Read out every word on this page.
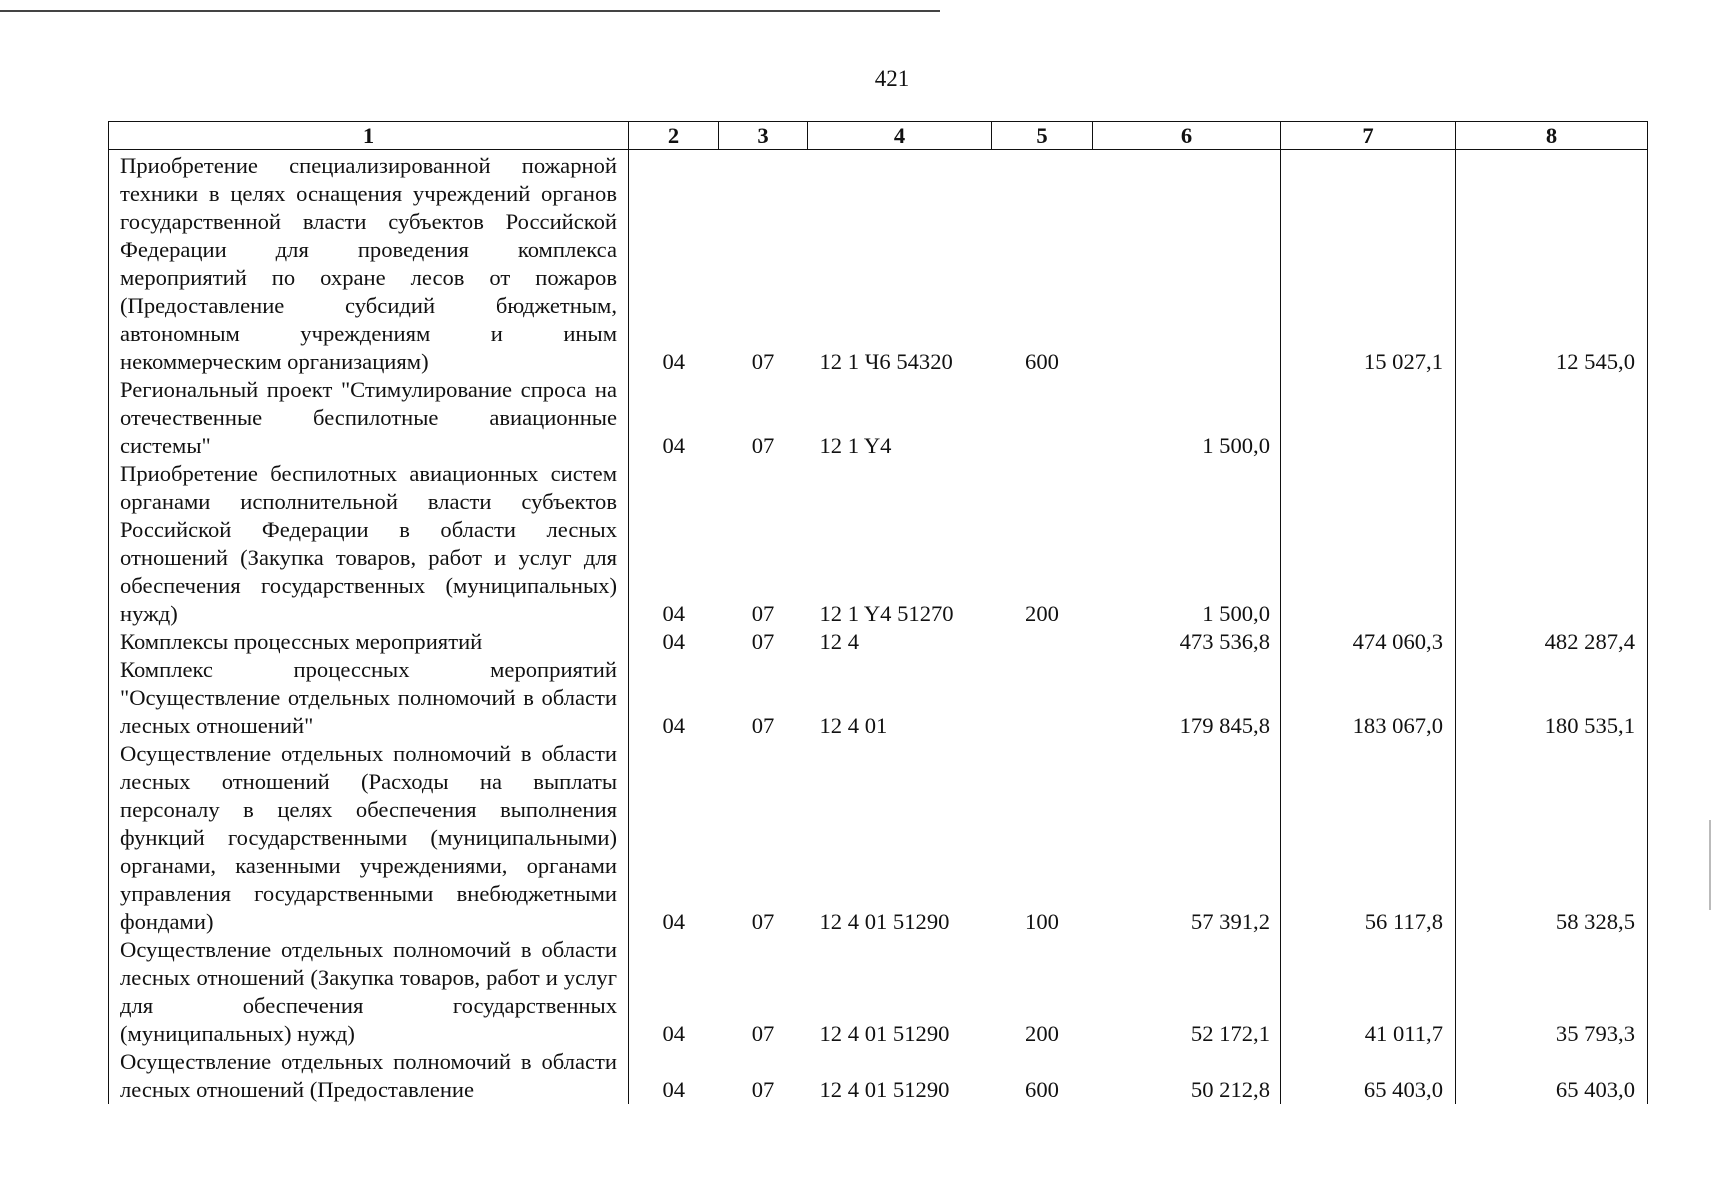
421
1	2	3	4	5	6	7	8
Приобретение специализированной пожарной техники в целях оснащения учреждений органов государственной власти субъектов Российской Федерации для проведения комплекса мероприятий по охране лесов от пожаров (Предоставление субсидий бюджетным, автономным учреждениям и иным некоммерческим организациям)	04	07	12 1 Ч6 54320	600		15 027,1	12 545,0
Региональный проект "Стимулирование спроса на отечественные беспилотные авиационные системы"	04	07	12 1 Y4		1 500,0		
Приобретение беспилотных авиационных систем органами исполнительной власти субъектов Российской Федерации в области лесных отношений (Закупка товаров, работ и услуг для обеспечения государственных (муниципальных) нужд)	04	07	12 1 Y4 51270	200	1 500,0		
Комплексы процессных мероприятий	04	07	12 4		473 536,8	474 060,3	482 287,4
Комплекс процессных мероприятий "Осуществление отдельных полномочий в области лесных отношений"	04	07	12 4 01		179 845,8	183 067,0	180 535,1
Осуществление отдельных полномочий в области лесных отношений (Расходы на выплаты персоналу в целях обеспечения выполнения функций государственными (муниципальными) органами, казенными учреждениями, органами управления государственными внебюджетными фондами)	04	07	12 4 01 51290	100	57 391,2	56 117,8	58 328,5
Осуществление отдельных полномочий в области лесных отношений (Закупка товаров, работ и услуг для обеспечения государственных (муниципальных) нужд)	04	07	12 4 01 51290	200	52 172,1	41 011,7	35 793,3
Осуществление отдельных полномочий в области лесных отношений (Предоставление	04	07	12 4 01 51290	600	50 212,8	65 403,0	65 403,0
